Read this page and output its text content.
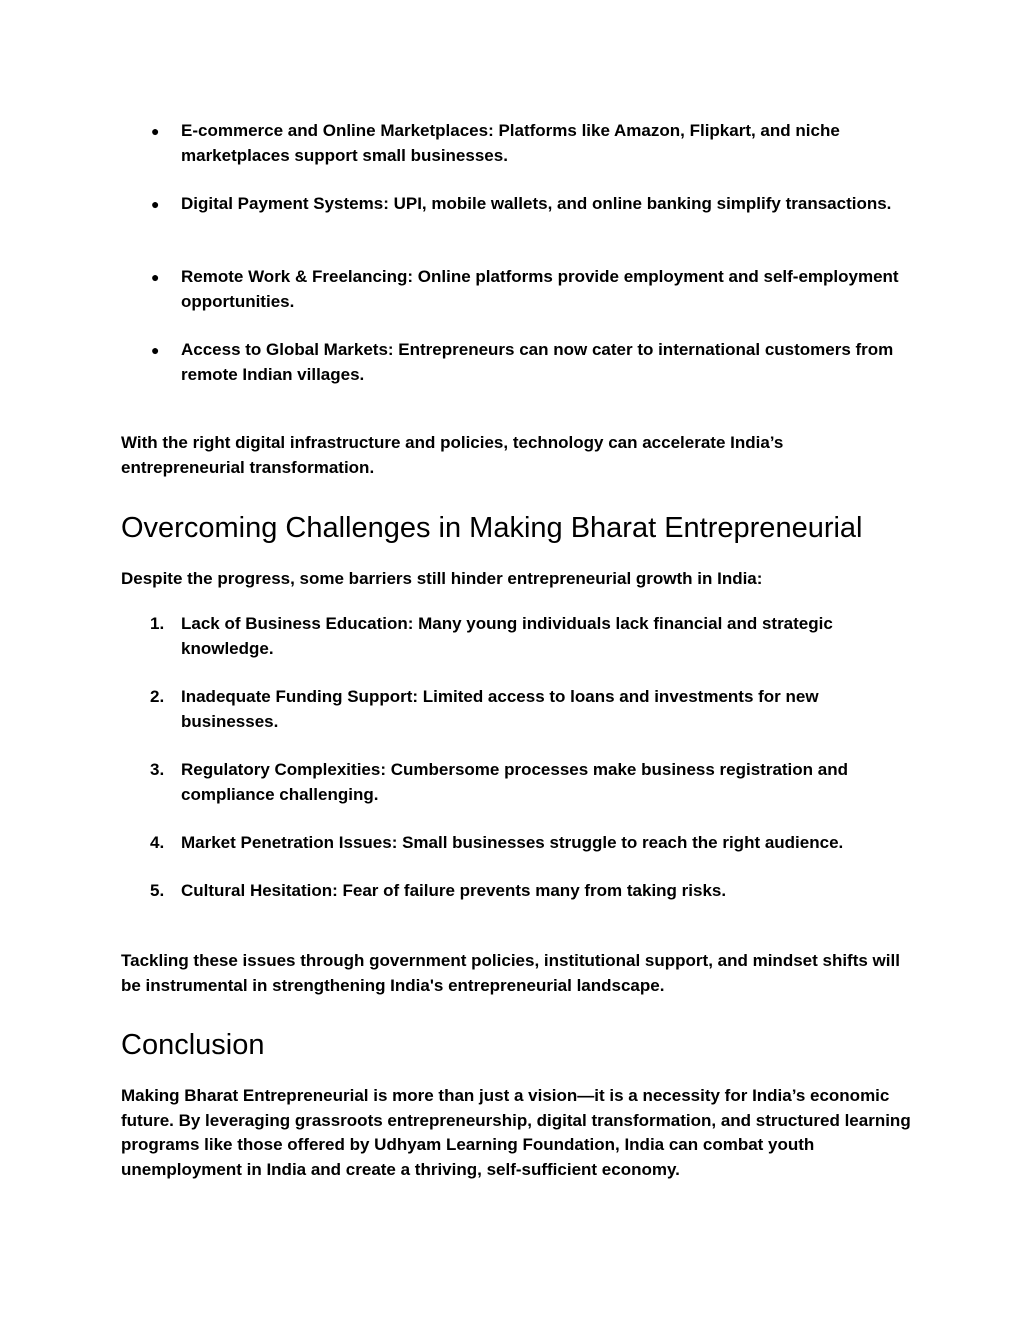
●	E-commerce and Online Marketplaces: Platforms like Amazon, Flipkart, and niche marketplaces support small businesses.
●	Digital Payment Systems: UPI, mobile wallets, and online banking simplify transactions.
●	Remote Work & Freelancing: Online platforms provide employment and self-employment opportunities.
●	Access to Global Markets: Entrepreneurs can now cater to international customers from remote Indian villages.

With the right digital infrastructure and policies, technology can accelerate India’s entrepreneurial transformation.

Overcoming Challenges in Making Bharat Entrepreneurial

Despite the progress, some barriers still hinder entrepreneurial growth in India:

1. Lack of Business Education: Many young individuals lack financial and strategic knowledge.
2. Inadequate Funding Support: Limited access to loans and investments for new businesses.
3. Regulatory Complexities: Cumbersome processes make business registration and compliance challenging.
4. Market Penetration Issues: Small businesses struggle to reach the right audience.
5. Cultural Hesitation: Fear of failure prevents many from taking risks.

Tackling these issues through government policies, institutional support, and mindset shifts will be instrumental in strengthening India's entrepreneurial landscape.

Conclusion

Making Bharat Entrepreneurial is more than just a vision—it is a necessity for India’s economic future. By leveraging grassroots entrepreneurship, digital transformation, and structured learning programs like those offered by Udhyam Learning Foundation, India can combat youth unemployment in India and create a thriving, self-sufficient economy.
